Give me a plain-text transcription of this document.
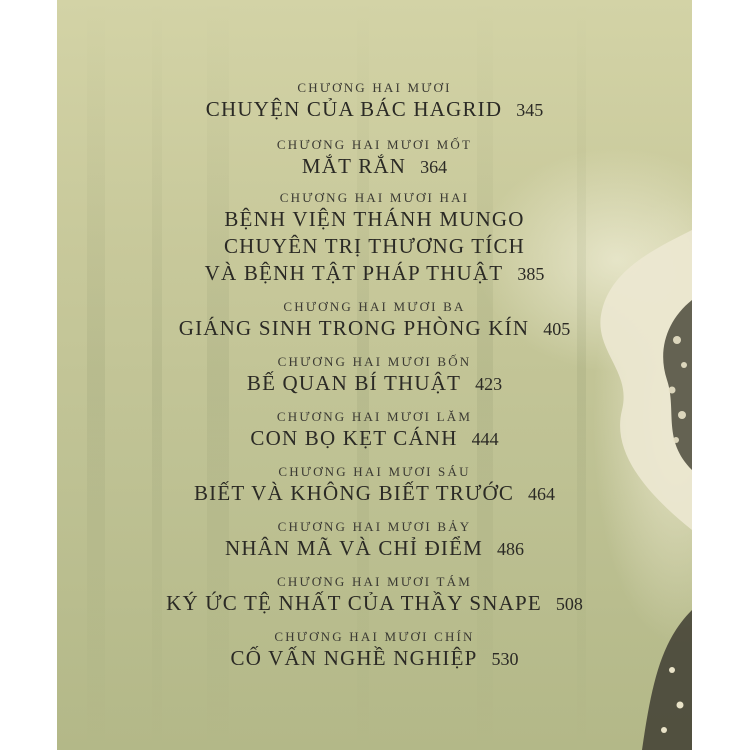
CHƯƠNG HAI MƯƠI
CHUYỆN CỦA BÁC HAGRID 345
CHƯƠNG HAI MƯƠI MỐT
MẮT RẮN 364
CHƯƠNG HAI MƯƠI HAI
BỆNH VIỆN THÁNH MUNGO
CHUYÊN TRỊ THƯƠNG TÍCH
VÀ BỆNH TẬT PHÁP THUẬT 385
CHƯƠNG HAI MƯƠI BA
GIÁNG SINH TRONG PHÒNG KÍN 405
CHƯƠNG HAI MƯƠI BỐN
BẾ QUAN BÍ THUẬT 423
CHƯƠNG HAI MƯƠI LĂM
CON BỌ KẸT CÁNH 444
CHƯƠNG HAI MƯƠI SÁU
BIẾT VÀ KHÔNG BIẾT TRƯỚC 464
CHƯƠNG HAI MƯƠI BẢY
NHÂN MÃ VÀ CHỈ ĐIỂM 486
CHƯƠNG HAI MƯƠI TÁM
KÝ ỨC TỆ NHẤT CỦA THẦY SNAPE 508
CHƯƠNG HAI MƯƠI CHÍN
CỐ VẤN NGHỀ NGHIỆP 530
